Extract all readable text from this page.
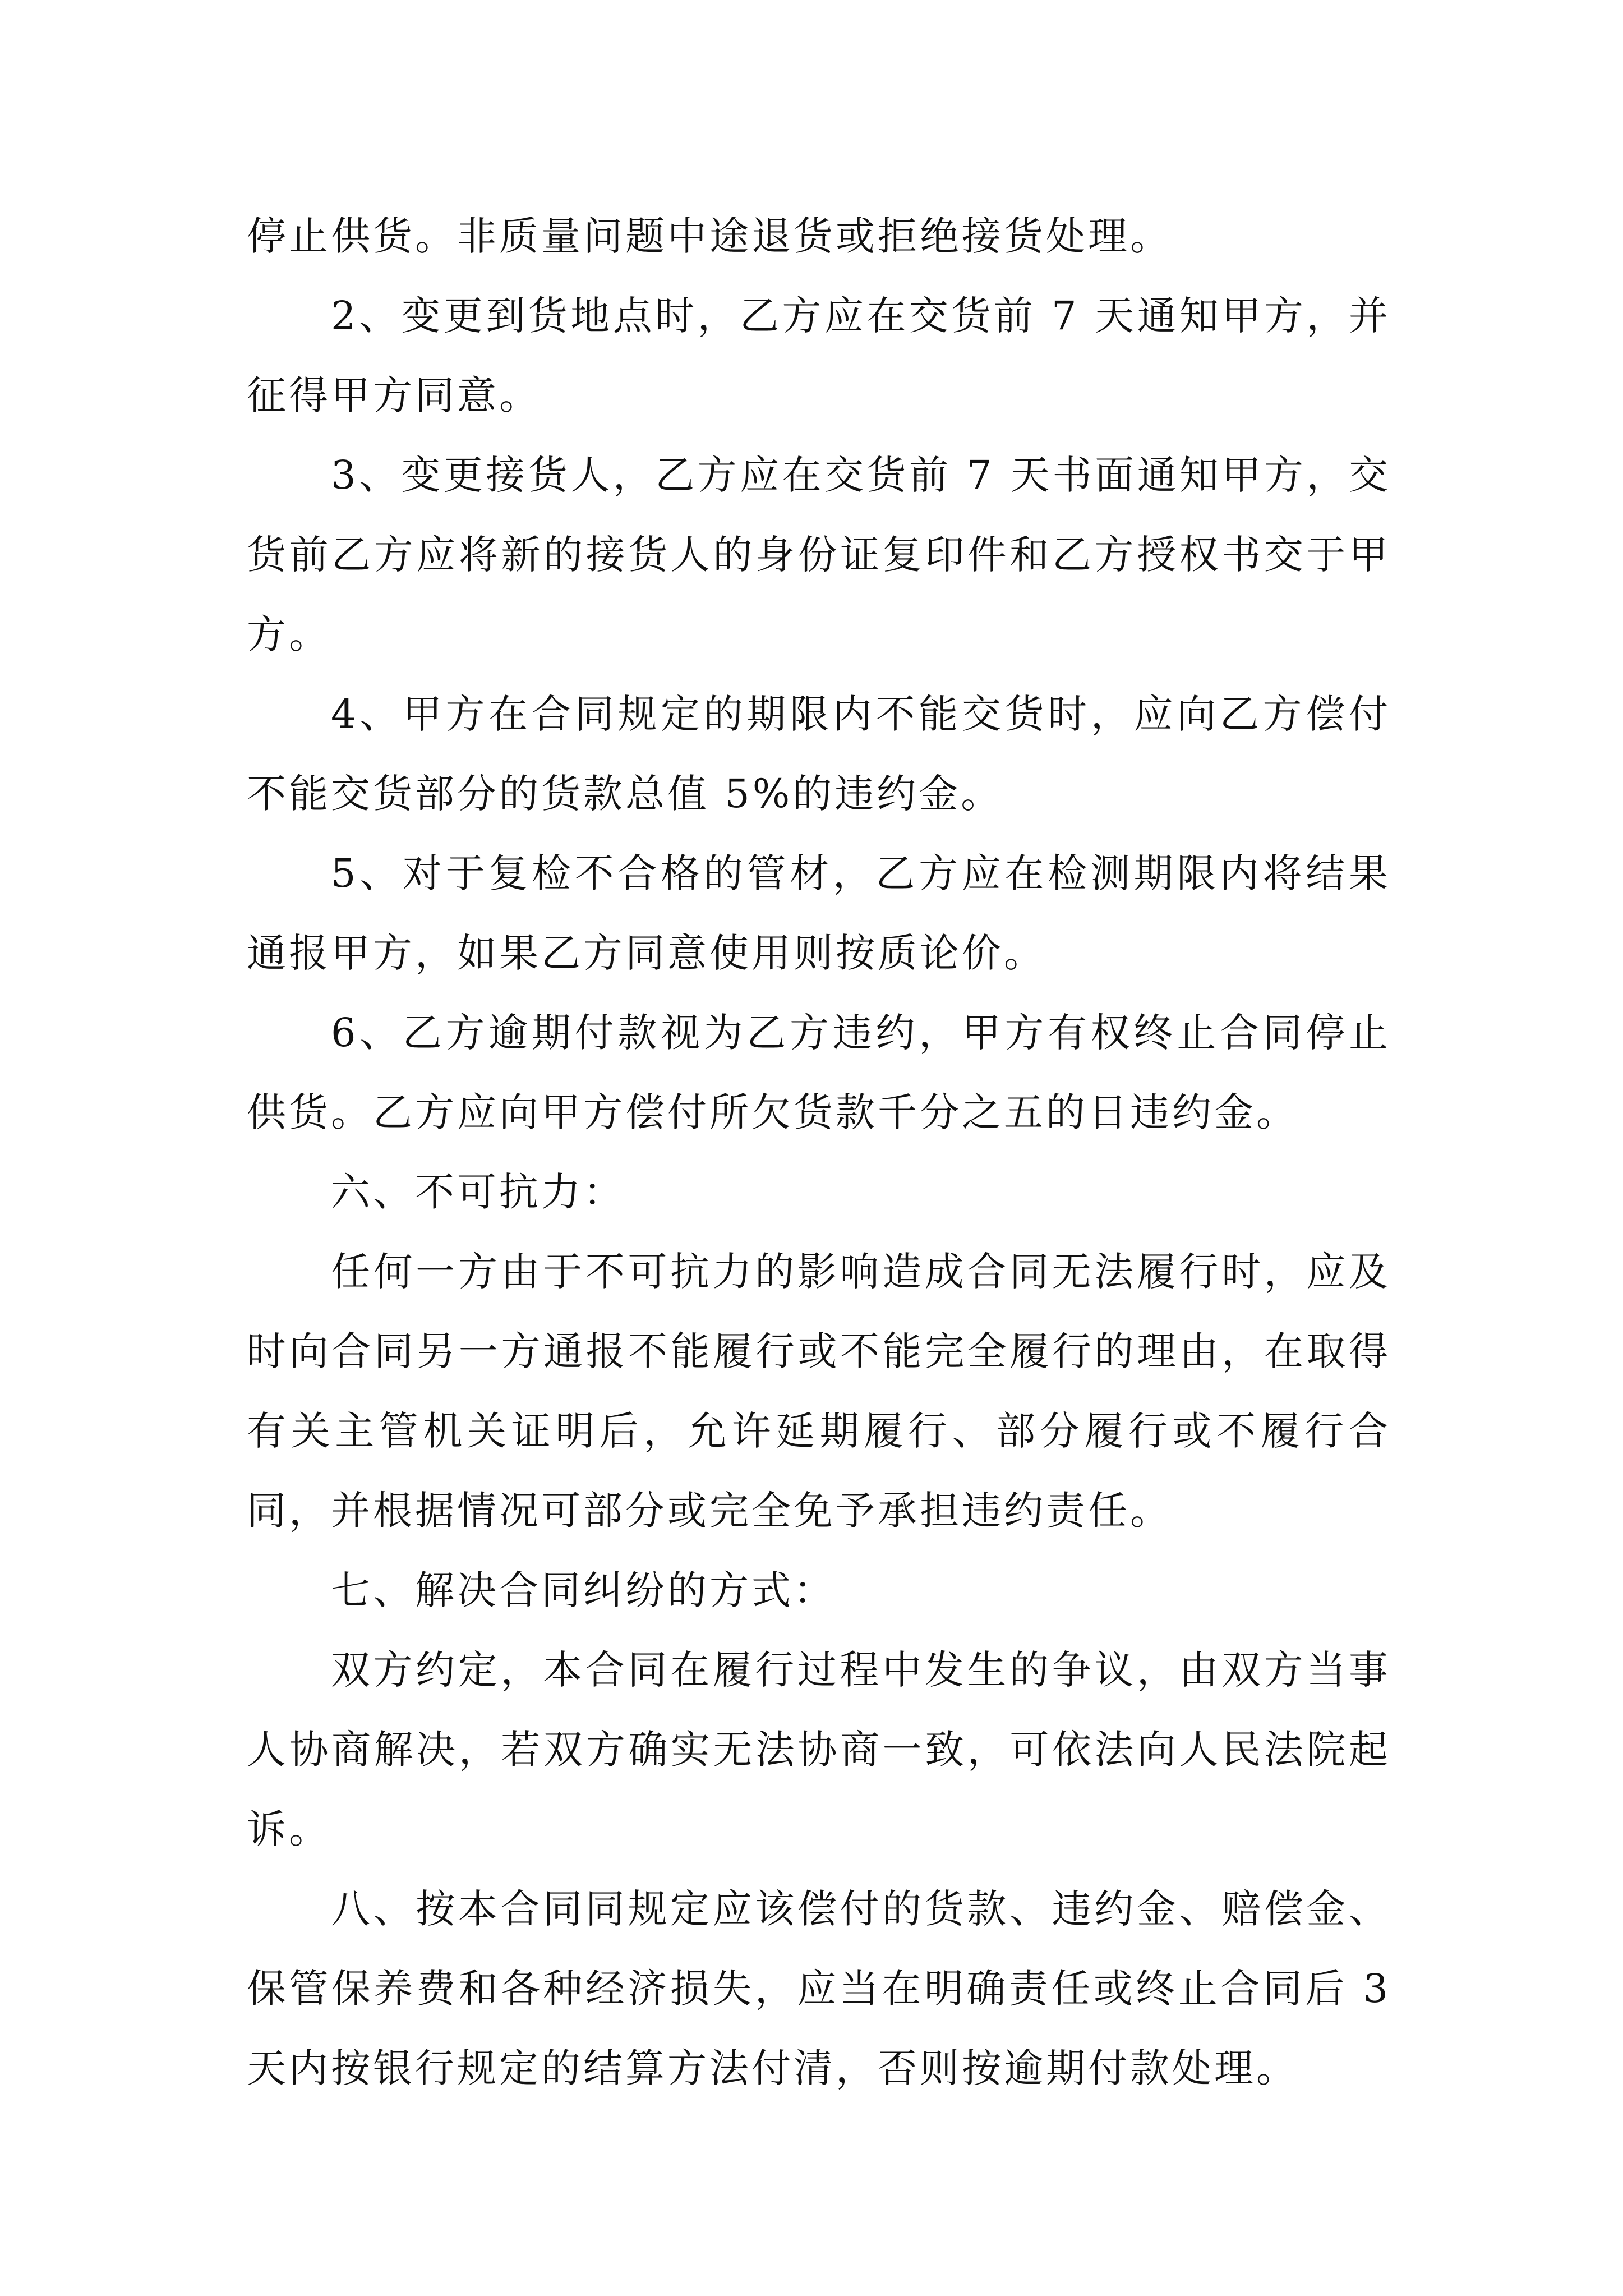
停止供货。非质量问题中途退货或拒绝接货处理。

2、变更到货地点时，乙方应在交货前 7 天通知甲方，并征得甲方同意。

3、变更接货人，乙方应在交货前 7 天书面通知甲方，交货前乙方应将新的接货人的身份证复印件和乙方授权书交于甲方。

4、甲方在合同规定的期限内不能交货时，应向乙方偿付不能交货部分的货款总值 5%的违约金。

5、对于复检不合格的管材，乙方应在检测期限内将结果通报甲方，如果乙方同意使用则按质论价。

6、乙方逾期付款视为乙方违约，甲方有权终止合同停止供货。乙方应向甲方偿付所欠货款千分之五的日违约金。

六、不可抗力：

任何一方由于不可抗力的影响造成合同无法履行时，应及时向合同另一方通报不能履行或不能完全履行的理由，在取得有关主管机关证明后，允许延期履行、部分履行或不履行合同，并根据情况可部分或完全免予承担违约责任。

七、解决合同纠纷的方式：

双方约定，本合同在履行过程中发生的争议，由双方当事人协商解决，若双方确实无法协商一致，可依法向人民法院起诉。

八、按本合同同规定应该偿付的货款、违约金、赔偿金、保管保养费和各种经济损失，应当在明确责任或终止合同后 3 天内按银行规定的结算方法付清，否则按逾期付款处理。
